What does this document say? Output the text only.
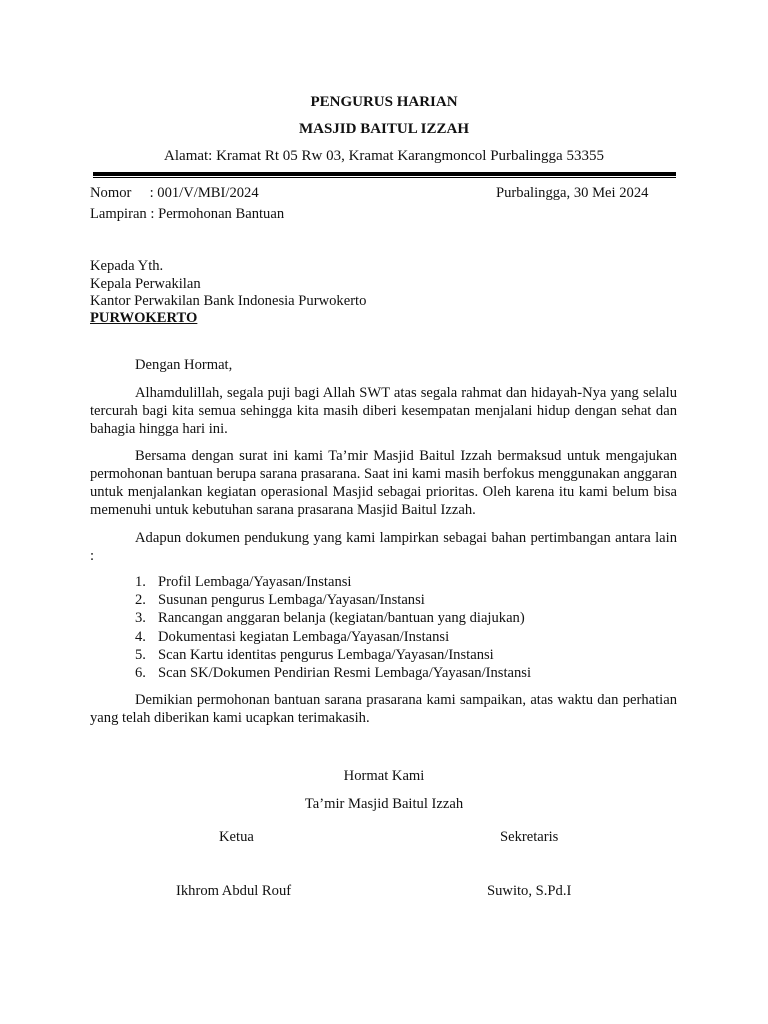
PENGURUS HARIAN
MASJID BAITUL IZZAH
Alamat: Kramat Rt 05 Rw 03, Kramat Karangmoncol Purbalingga 53355
Nomor     : 001/V/MBI/2024	Purbalingga, 30 Mei 2024
Lampiran : Permohonan Bantuan
Kepada Yth.
Kepala Perwakilan
Kantor Perwakilan Bank Indonesia Purwokerto
PURWOKERTO
Dengan Hormat,
Alhamdulillah, segala puji bagi Allah SWT atas segala rahmat dan hidayah-Nya yang selalu tercurah bagi kita semua sehingga kita masih diberi kesempatan menjalani hidup dengan sehat dan bahagia hingga hari ini.
Bersama dengan surat ini kami Ta’mir Masjid Baitul Izzah bermaksud untuk mengajukan permohonan bantuan berupa sarana prasarana. Saat ini kami masih berfokus menggunakan anggaran untuk menjalankan kegiatan operasional Masjid sebagai prioritas. Oleh karena itu kami belum bisa memenuhi untuk kebutuhan sarana prasarana Masjid Baitul Izzah.
Adapun dokumen pendukung yang kami lampirkan sebagai bahan pertimbangan antara lain :
1. Profil Lembaga/Yayasan/Instansi
2. Susunan pengurus Lembaga/Yayasan/Instansi
3. Rancangan anggaran belanja (kegiatan/bantuan yang diajukan)
4. Dokumentasi kegiatan Lembaga/Yayasan/Instansi
5. Scan Kartu identitas pengurus Lembaga/Yayasan/Instansi
6. Scan SK/Dokumen Pendirian Resmi Lembaga/Yayasan/Instansi
Demikian permohonan bantuan sarana prasarana kami sampaikan, atas waktu dan perhatian yang telah diberikan kami ucapkan terimakasih.
Hormat Kami
Ta’mir Masjid Baitul Izzah
Ketua	Sekretaris
Ikhrom Abdul Rouf	Suwito, S.Pd.I
